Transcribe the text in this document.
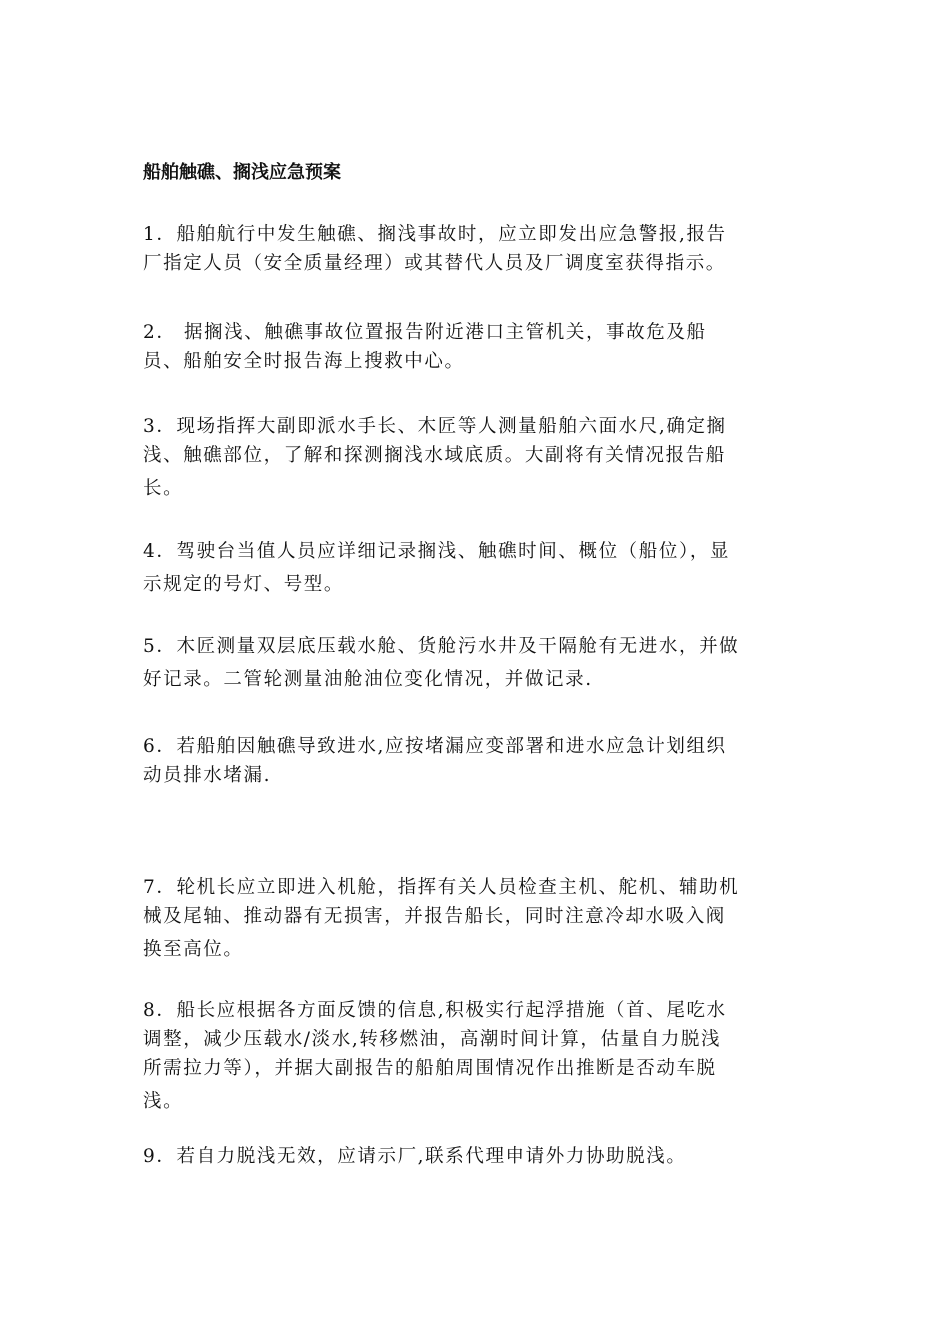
船舶触礁、搁浅应急预案
1．船舶航行中发生触礁、搁浅事故时，应立即发出应急警报,报告
厂指定人员（安全质量经理）或其替代人员及厂调度室获得指示。
2． 据搁浅、触礁事故位置报告附近港口主管机关，事故危及船
员、船舶安全时报告海上搜救中心。
3．现场指挥大副即派水手长、木匠等人测量船舶六面水尺,确定搁
浅、触礁部位，了解和探测搁浅水域底质。大副将有关情况报告船
长。
4．驾驶台当值人员应详细记录搁浅、触礁时间、概位（船位），显
示规定的号灯、号型。
5．木匠测量双层底压载水舱、货舱污水井及干隔舱有无进水，并做
好记录。二管轮测量油舱油位变化情况，并做记录.
6．若船舶因触礁导致进水,应按堵漏应变部署和进水应急计划组织
动员排水堵漏.
7．轮机长应立即进入机舱，指挥有关人员检查主机、舵机、辅助机
械及尾轴、推动器有无损害，并报告船长，同时注意冷却水吸入阀
换至高位。
8．船长应根据各方面反馈的信息,积极实行起浮措施（首、尾吃水
调整，减少压载水/淡水,转移燃油，高潮时间计算，估量自力脱浅
所需拉力等），并据大副报告的船舶周围情况作出推断是否动车脱
浅。
9．若自力脱浅无效，应请示厂,联系代理申请外力协助脱浅。
